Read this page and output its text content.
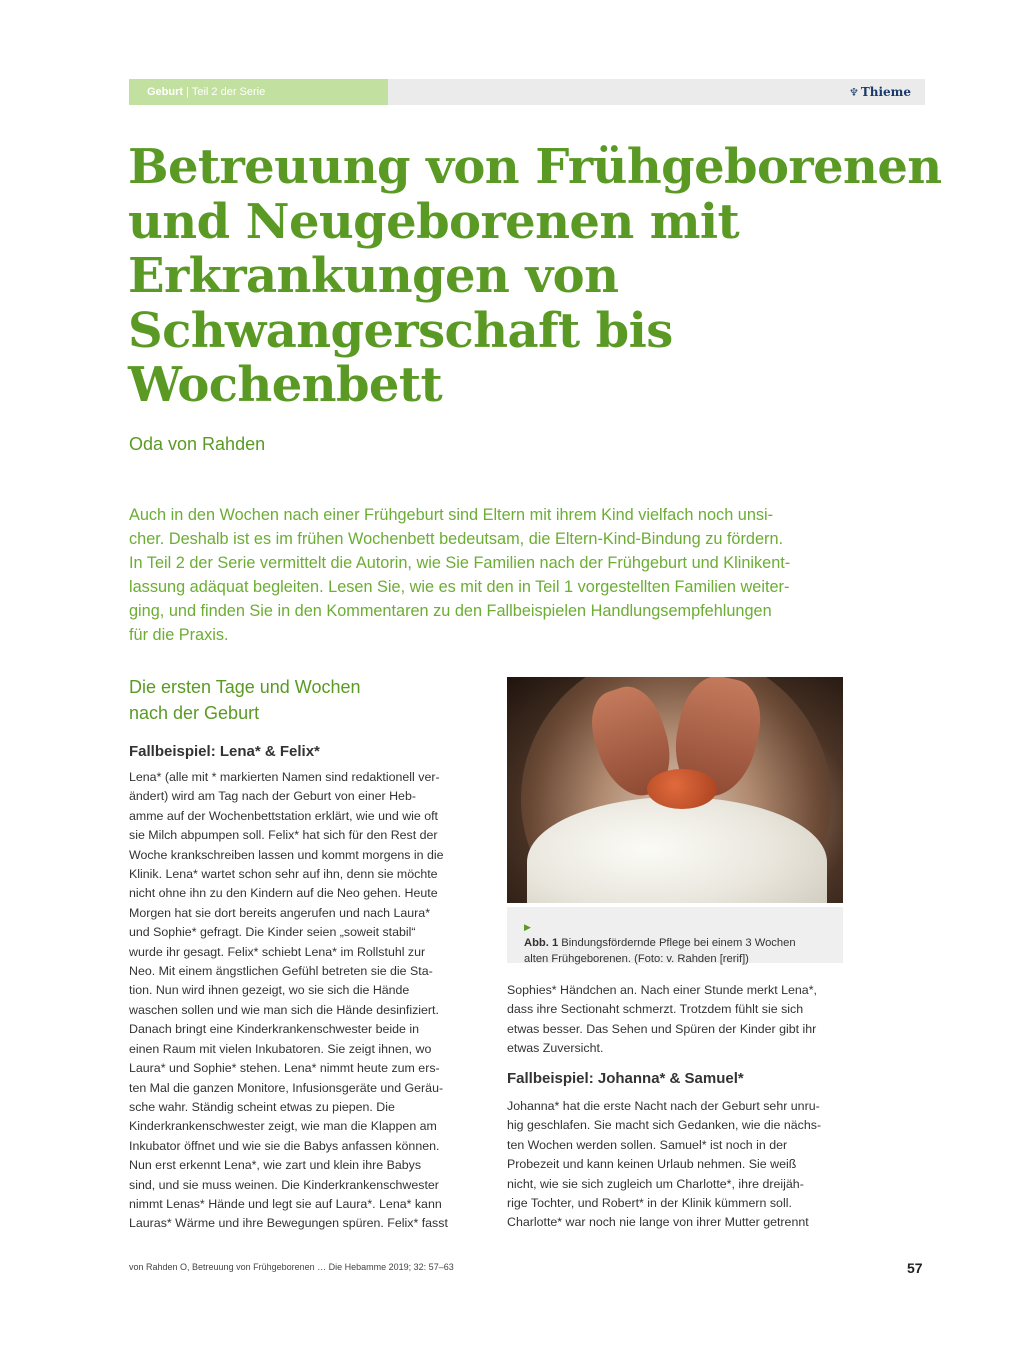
Geburt | Teil 2 der Serie	♆ Thieme
Betreuung von Frühgeborenen
und Neugeborenen mit
Erkrankungen von
Schwangerschaft bis
Wochenbett
Oda von Rahden
Auch in den Wochen nach einer Frühgeburt sind Eltern mit ihrem Kind vielfach noch unsi-
cher. Deshalb ist es im frühen Wochenbett bedeutsam, die Eltern-Kind-Bindung zu fördern.
In Teil 2 der Serie vermittelt die Autorin, wie Sie Familien nach der Frühgeburt und Klinikent-
lassung adäquat begleiten. Lesen Sie, wie es mit den in Teil 1 vorgestellten Familien weiter-
ging, und finden Sie in den Kommentaren zu den Fallbeispielen Handlungsempfehlungen
für die Praxis.
Die ersten Tage und Wochen
nach der Geburt
Fallbeispiel: Lena* & Felix*
Lena* (alle mit * markierten Namen sind redaktionell ver-
ändert) wird am Tag nach der Geburt von einer Heb-
amme auf der Wochenbettstation erklärt, wie und wie oft
sie Milch abpumpen soll. Felix* hat sich für den Rest der
Woche krankschreiben lassen und kommt morgens in die
Klinik. Lena* wartet schon sehr auf ihn, denn sie möchte
nicht ohne ihn zu den Kindern auf die Neo gehen. Heute
Morgen hat sie dort bereits angerufen und nach Laura*
und Sophie* gefragt. Die Kinder seien „soweit stabil“
wurde ihr gesagt. Felix* schiebt Lena* im Rollstuhl zur
Neo. Mit einem ängstlichen Gefühl betreten sie die Sta-
tion. Nun wird ihnen gezeigt, wo sie sich die Hände
waschen sollen und wie man sich die Hände desinfiziert.
Danach bringt eine Kinderkrankenschwester beide in
einen Raum mit vielen Inkubatoren. Sie zeigt ihnen, wo
Laura* und Sophie* stehen. Lena* nimmt heute zum ers-
ten Mal die ganzen Monitore, Infusionsgeräte und Geräu-
sche wahr. Ständig scheint etwas zu piepen. Die
Kinderkrankenschwester zeigt, wie man die Klappen am
Inkubator öffnet und wie sie die Babys anfassen können.
Nun erst erkennt Lena*, wie zart und klein ihre Babys
sind, und sie muss weinen. Die Kinderkrankenschwester
nimmt Lenas* Hände und legt sie auf Laura*. Lena* kann
Lauras* Wärme und ihre Bewegungen spüren. Felix* fasst
▶
Abb. 1 Bindungsfördernde Pflege bei einem 3 Wochen
alten Frühgeborenen. (Foto: v. Rahden [rerif])
Sophies* Händchen an. Nach einer Stunde merkt Lena*,
dass ihre Sectionaht schmerzt. Trotzdem fühlt sie sich
etwas besser. Das Sehen und Spüren der Kinder gibt ihr
etwas Zuversicht.
Fallbeispiel: Johanna* & Samuel*
Johanna* hat die erste Nacht nach der Geburt sehr unru-
hig geschlafen. Sie macht sich Gedanken, wie die nächs-
ten Wochen werden sollen. Samuel* ist noch in der
Probezeit und kann keinen Urlaub nehmen. Sie weiß
nicht, wie sie sich zugleich um Charlotte*, ihre dreijäh-
rige Tochter, und Robert* in der Klinik kümmern soll.
Charlotte* war noch nie lange von ihrer Mutter getrennt
von Rahden O, Betreuung von Frühgeborenen … Die Hebamme 2019; 32: 57–63	57
